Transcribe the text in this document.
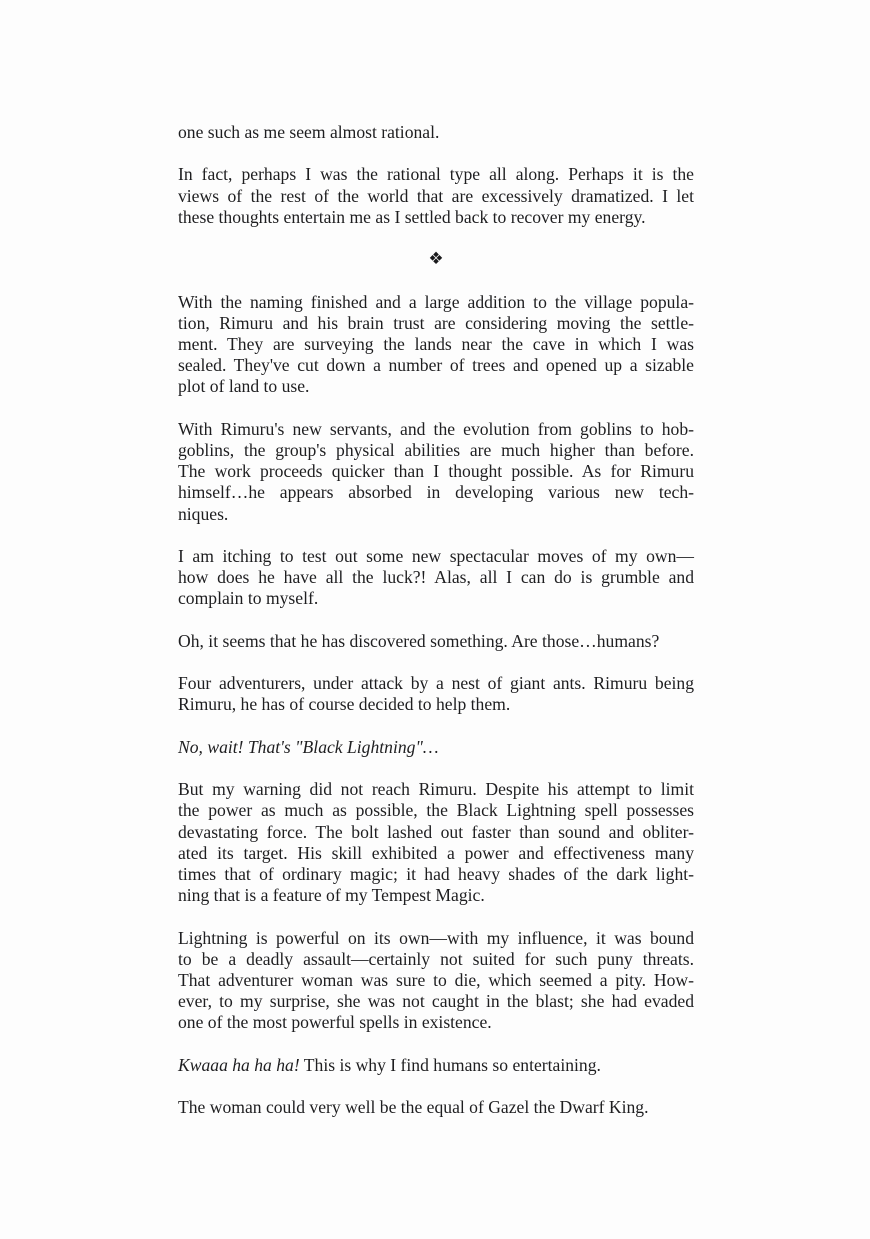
one such as me seem almost rational.
In fact, perhaps I was the rational type all along. Perhaps it is the
views of the rest of the world that are excessively dramatized. I let
these thoughts entertain me as I settled back to recover my energy.
❖
With the naming finished and a large addition to the village popula-
tion, Rimuru and his brain trust are considering moving the settle-
ment. They are surveying the lands near the cave in which I was
sealed. They've cut down a number of trees and opened up a sizable
plot of land to use.
With Rimuru's new servants, and the evolution from goblins to hob-
goblins, the group's physical abilities are much higher than before.
The work proceeds quicker than I thought possible. As for Rimuru
himself…he appears absorbed in developing various new tech-
niques.
I am itching to test out some new spectacular moves of my own—
how does he have all the luck?! Alas, all I can do is grumble and
complain to myself.
Oh, it seems that he has discovered something. Are those…humans?
Four adventurers, under attack by a nest of giant ants. Rimuru being
Rimuru, he has of course decided to help them.
No, wait! That's "Black Lightning"…
But my warning did not reach Rimuru. Despite his attempt to limit
the power as much as possible, the Black Lightning spell possesses
devastating force. The bolt lashed out faster than sound and obliter-
ated its target. His skill exhibited a power and effectiveness many
times that of ordinary magic; it had heavy shades of the dark light-
ning that is a feature of my Tempest Magic.
Lightning is powerful on its own—with my influence, it was bound
to be a deadly assault—certainly not suited for such puny threats.
That adventurer woman was sure to die, which seemed a pity. How-
ever, to my surprise, she was not caught in the blast; she had evaded
one of the most powerful spells in existence.
Kwaaa ha ha ha! This is why I find humans so entertaining.
The woman could very well be the equal of Gazel the Dwarf King.
